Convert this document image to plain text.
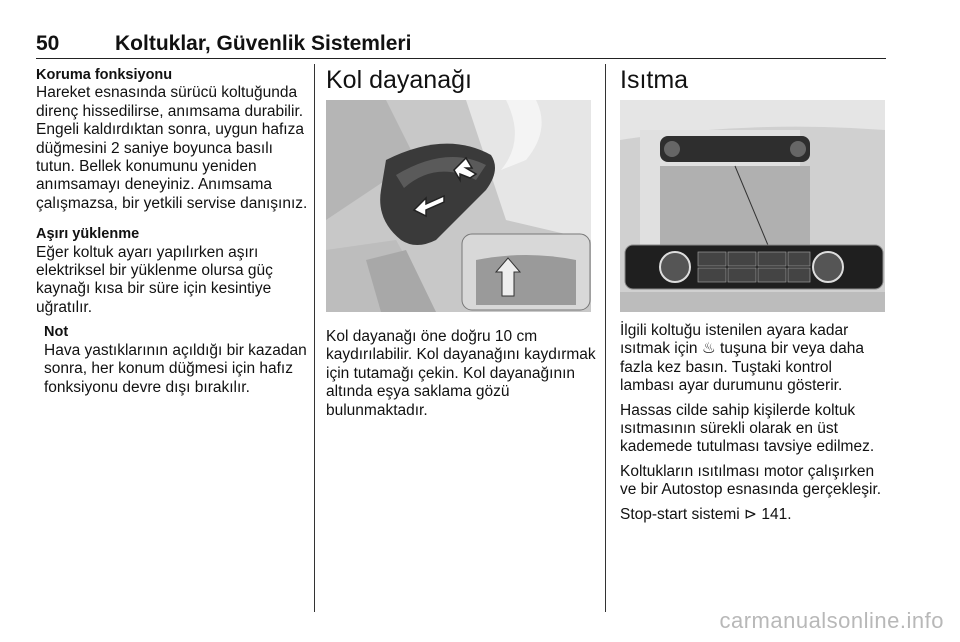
50	Koltuklar, Güvenlik Sistemleri

Koruma fonksiyonu

Hareket esnasında sürücü koltuğunda direnç hissedilirse, anımsama durabilir. Engeli kaldırdıktan sonra, uygun hafıza düğmesini 2 saniye boyunca basılı tutun. Bellek konumunu yeniden anımsamayı deneyiniz. Anımsama çalışmazsa, bir yetkili servise danışınız.

Aşırı yüklenme

Eğer koltuk ayarı yapılırken aşırı elektriksel bir yüklenme olursa güç kaynağı kısa bir süre için kesintiye uğratılır.

Not

Hava yastıklarının açıldığı bir kazadan sonra, her konum düğmesi için hafız fonksiyonu devre dışı bırakılır.

Kol dayanağı

Kol dayanağı öne doğru 10 cm kaydırılabilir. Kol dayanağını kaydırmak için tutamağı çekin. Kol dayanağının altında eşya saklama gözü bulunmaktadır.

Isıtma

İlgili koltuğu istenilen ayara kadar ısıtmak için ♨ tuşuna bir veya daha fazla kez basın. Tuştaki kontrol lambası ayar durumunu gösterir.

Hassas cilde sahip kişilerde koltuk ısıtmasının sürekli olarak en üst kademede tutulması tavsiye edilmez.

Koltukların ısıtılması motor çalışırken ve bir Autostop esnasında gerçekleşir.

Stop-start sistemi ⊳ 141.

carmanualsonline.info
